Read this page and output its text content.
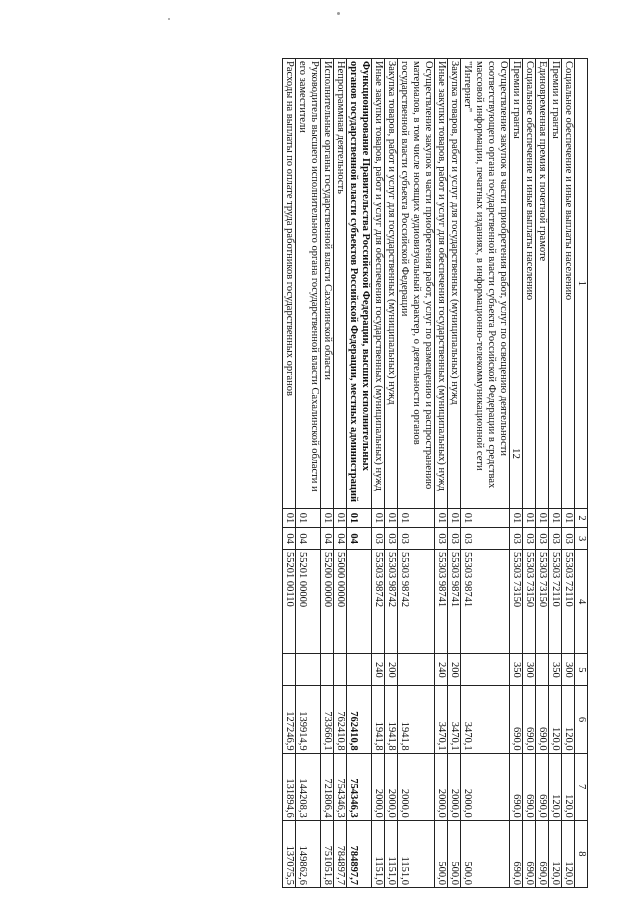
12
1	2	3	4	5	6	7	8
Социальное обеспечение и иные выплаты населению	01	03	55303 72110	300	120,0	120,0	120,0
Премии и гранты	01	03	55303 72110	350	120,0	120,0	120,0
Единовременная премия к почетной грамоте	01	03	55303 73150		690,0	690,0	690,0
Социальное обеспечение и иные выплаты населению	01	03	55303 73150	300	690,0	690,0	690,0
Премии и гранты	01	03	55303 73150	350	690,0	690,0	690,0
Осуществление закупок в части приобретения работ, услуг по освещению деятельности соответствующего органа государственной власти субъекта Российской Федерации в средствах массовой информации, печатных изданиях, в информационно-телекоммуникационной сети "Интернет"	01	03	55303 98741		3470,1	2000,0	500,0
Закупка товаров, работ и услуг для государственных (муниципальных) нужд	01	03	55303 98741	200	3470,1	2000,0	500,0
Иные закупки товаров, работ и услуг для обеспечения государственных (муниципальных) нужд	01	03	55303 98741	240	3470,1	2000,0	500,0
Осуществление закупок в части приобретения работ, услуг по размещению и распространению материалов, в том числе носящих аудиовизуальный характер, о деятельности органов государственной власти субъекта Российской Федерации	01	03	55303 98742		1941,8	2000,0	1151,0
Закупка товаров, работ и услуг для государственных (муниципальных) нужд	01	03	55303 98742	200	1941,8	2000,0	1151,0
Иные закупки товаров, работ и услуг для обеспечения государственных (муниципальных) нужд	01	03	55303 98742	240	1941,8	2000,0	1151,0
Функционирование Правительства Российской Федерации, высших исполнительных органов государственной власти субъектов Российской Федерации, местных администраций	01	04			762410,8	754346,3	784897,7
Непрограммная деятельность	01	04	55000 00000		762410,8	754346,3	784897,7
Исполнительные органы государственной власти Сахалинской области	01	04	55200 00000		733660,1	721806,4	751051,8
Руководитель высшего исполнительного органа государственной власти Сахалинской области и его заместители	01	04	55201 00000		139914,9	144208,3	149862,6
Расходы на выплаты по оплате труда работников государственных органов	01	04	55201 00110		127246,9	131894,6	137075,5
